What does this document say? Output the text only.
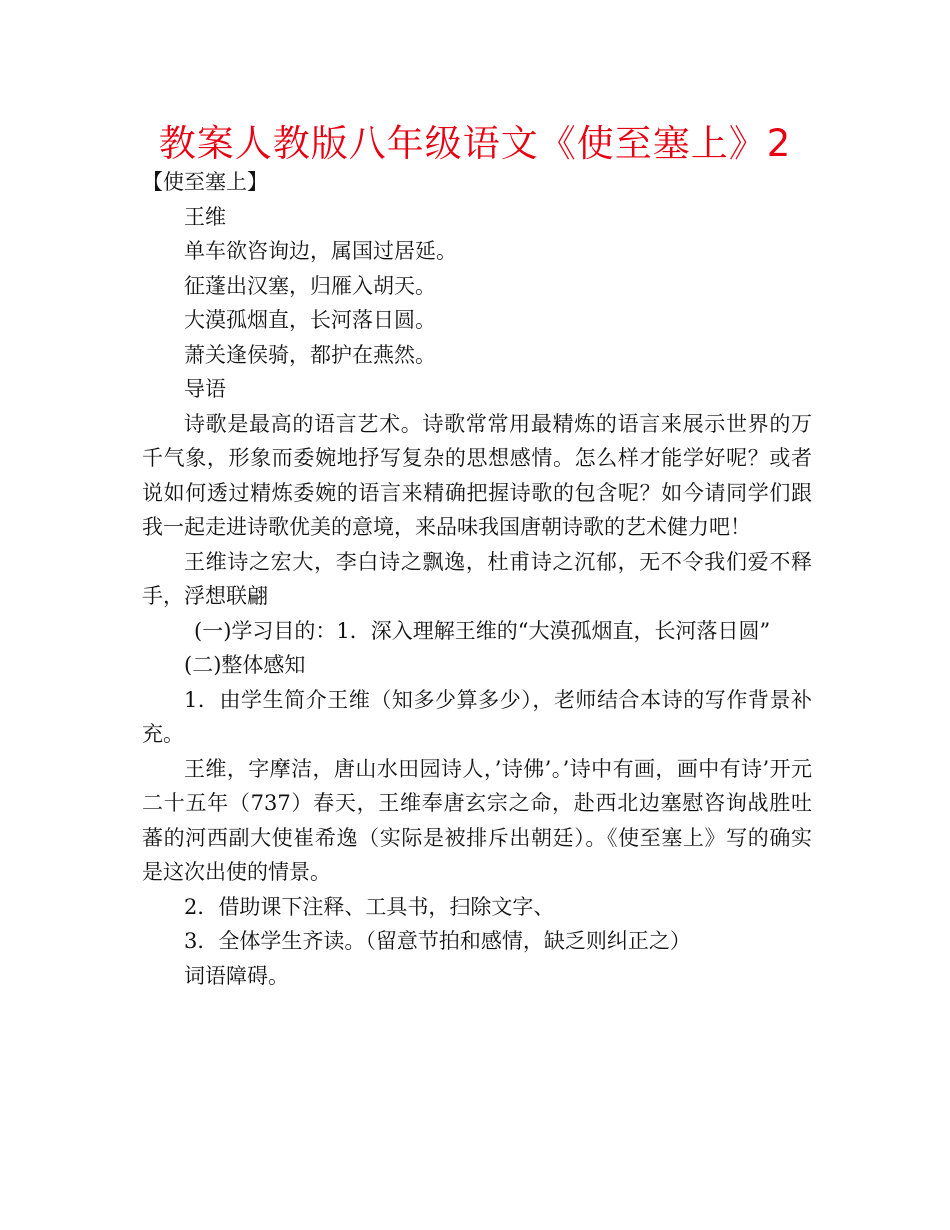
教案人教版八年级语文《使至塞上》2

【使至塞上】

王维

单车欲咨询边，属国过居延。

征蓬出汉塞，归雁入胡天。

大漠孤烟直，长河落日圆。

萧关逢侯骑，都护在燕然。

导语

诗歌是最高的语言艺术。诗歌常常用最精炼的语言来展示世界的万千气象，形象而委婉地抒写复杂的思想感情。怎么样才能学好呢？或者说如何透过精炼委婉的语言来精确把握诗歌的包含呢？如今请同学们跟我一起走进诗歌优美的意境，来品味我国唐朝诗歌的艺术健力吧！

王维诗之宏大，李白诗之飘逸，杜甫诗之沉郁，无不令我们爱不释手，浮想联翩

(一)学习目的：1．深入理解王维的“大漠孤烟直，长河落日圆”

(二)整体感知

1．由学生简介王维（知多少算多少），老师结合本诗的写作背景补充。

王维，字摩洁，唐山水田园诗人，’诗佛’。’诗中有画，画中有诗’开元二十五年（737）春天，王维奉唐玄宗之命，赴西北边塞慰咨询战胜吐蕃的河西副大使崔希逸（实际是被排斥出朝廷）。《使至塞上》写的确实是这次出使的情景。

2．借助课下注释、工具书，扫除文字、

3．全体学生齐读。（留意节拍和感情，缺乏则纠正之）

词语障碍。
